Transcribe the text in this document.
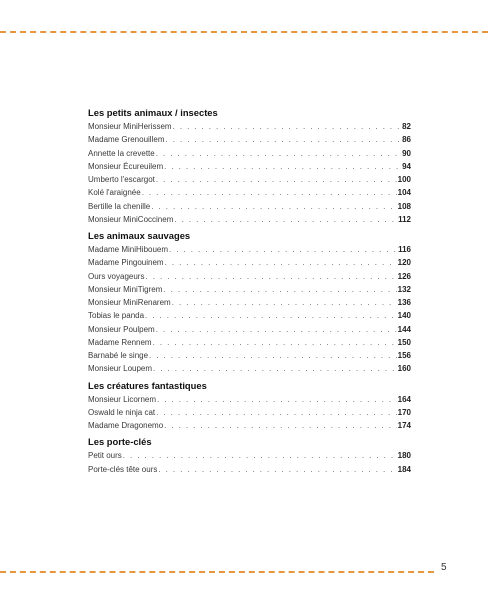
Les petits animaux / insectes
Monsieur MiniHerissem . . .	82
Madame Grenouillem . . .	86
Annette la crevette . . .	90
Monsieur Écureuilem . . .	94
Umberto l'escargot . . .	100
Kolé l'araignée . . .	104
Bertille la chenille . . .	108
Monsieur MiniCoccinem . . .	112
Les animaux sauvages
Madame MiniHibouem . . .	116
Madame Pingouinem . . .	120
Ours voyageurs . . .	126
Monsieur MiniTigrem . . .	132
Monsieur MiniRenarem . . .	136
Tobias le panda . . .	140
Monsieur Poulpem . . .	144
Madame Rennem . . .	150
Barnabé le singe . . .	156
Monsieur Loupem . . .	160
Les créatures fantastiques
Monsieur Licornem . . .	164
Oswald le ninja cat . . .	170
Madame Dragonemo . . .	174
Les porte-clés
Petit ours . . .	180
Porte-clés tête ours . . .	184
5
